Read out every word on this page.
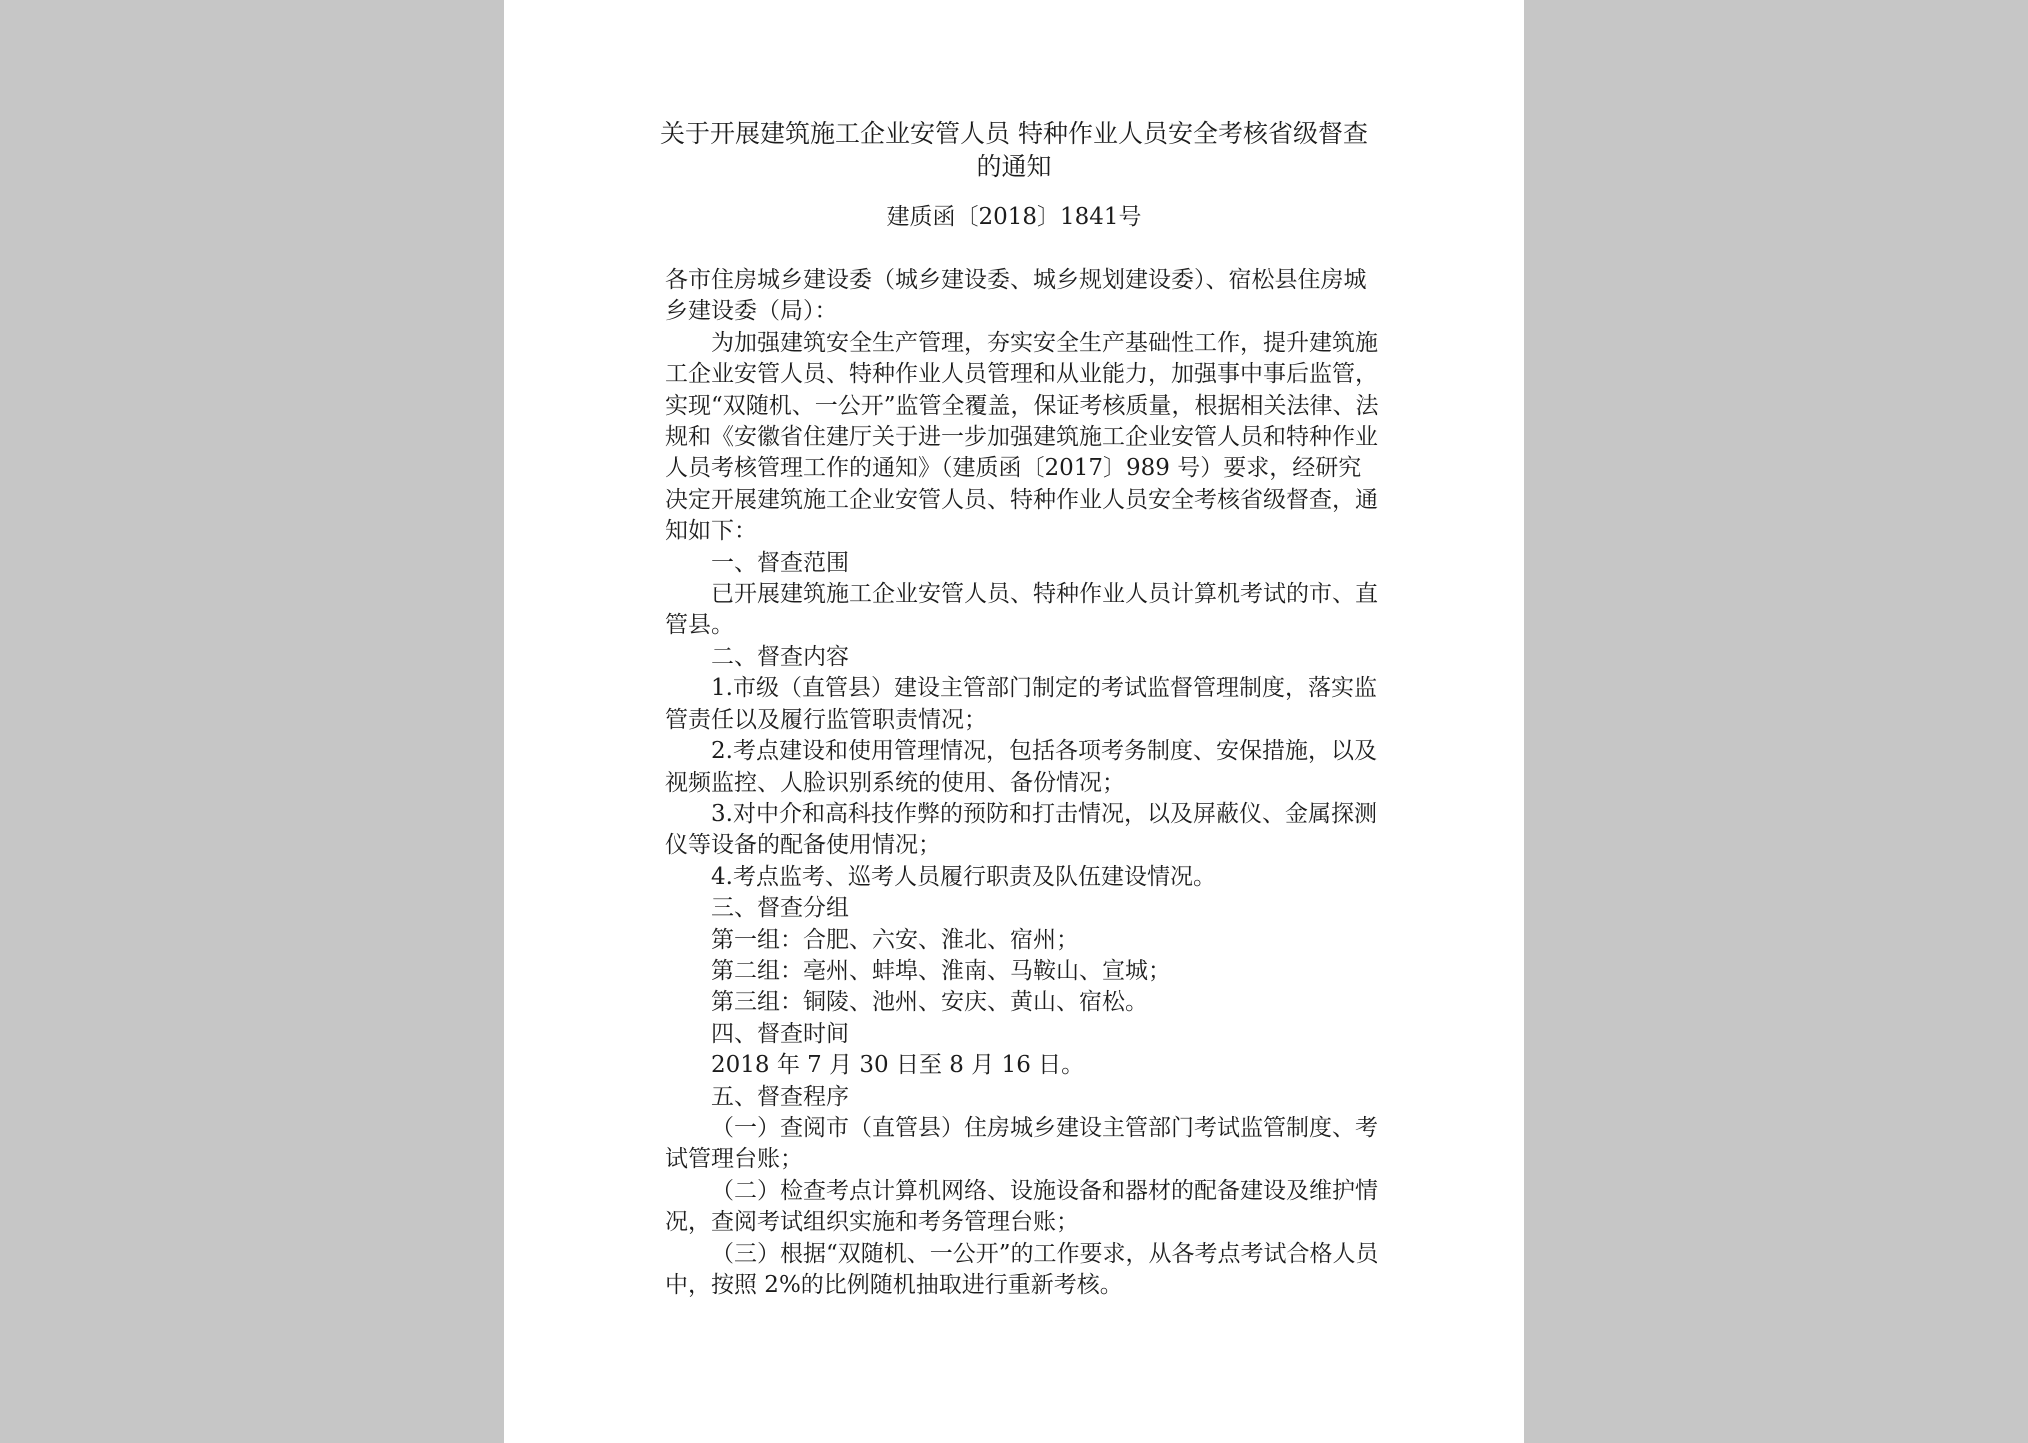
关于开展建筑施工企业安管人员 特种作业人员安全考核省级督查
的通知
建质函〔2018〕1841号

各市住房城乡建设委（城乡建设委、城乡规划建设委）、宿松县住房城乡建设委（局）：

为加强建筑安全生产管理，夯实安全生产基础性工作，提升建筑施工企业安管人员、特种作业人员管理和从业能力，加强事中事后监管，实现“双随机、一公开”监管全覆盖，保证考核质量，根据相关法律、法规和《安徽省住建厅关于进一步加强建筑施工企业安管人员和特种作业人员考核管理工作的通知》（建质函〔2017〕989 号）要求，经研究决定开展建筑施工企业安管人员、特种作业人员安全考核省级督查，通知如下：

一、督查范围

已开展建筑施工企业安管人员、特种作业人员计算机考试的市、直管县。

二、督查内容

1.市级（直管县）建设主管部门制定的考试监督管理制度，落实监管责任以及履行监管职责情况；

2.考点建设和使用管理情况，包括各项考务制度、安保措施，以及视频监控、人脸识别系统的使用、备份情况；

3.对中介和高科技作弊的预防和打击情况，以及屏蔽仪、金属探测仪等设备的配备使用情况；

4.考点监考、巡考人员履行职责及队伍建设情况。

三、督查分组

第一组：合肥、六安、淮北、宿州；

第二组：亳州、蚌埠、淮南、马鞍山、宣城；

第三组：铜陵、池州、安庆、黄山、宿松。

四、督查时间

2018 年 7 月 30 日至 8 月 16 日。

五、督查程序

（一）查阅市（直管县）住房城乡建设主管部门考试监管制度、考试管理台账；

（二）检查考点计算机网络、设施设备和器材的配备建设及维护情况，查阅考试组织实施和考务管理台账；

（三）根据“双随机、一公开”的工作要求，从各考点考试合格人员中，按照 2%的比例随机抽取进行重新考核。
